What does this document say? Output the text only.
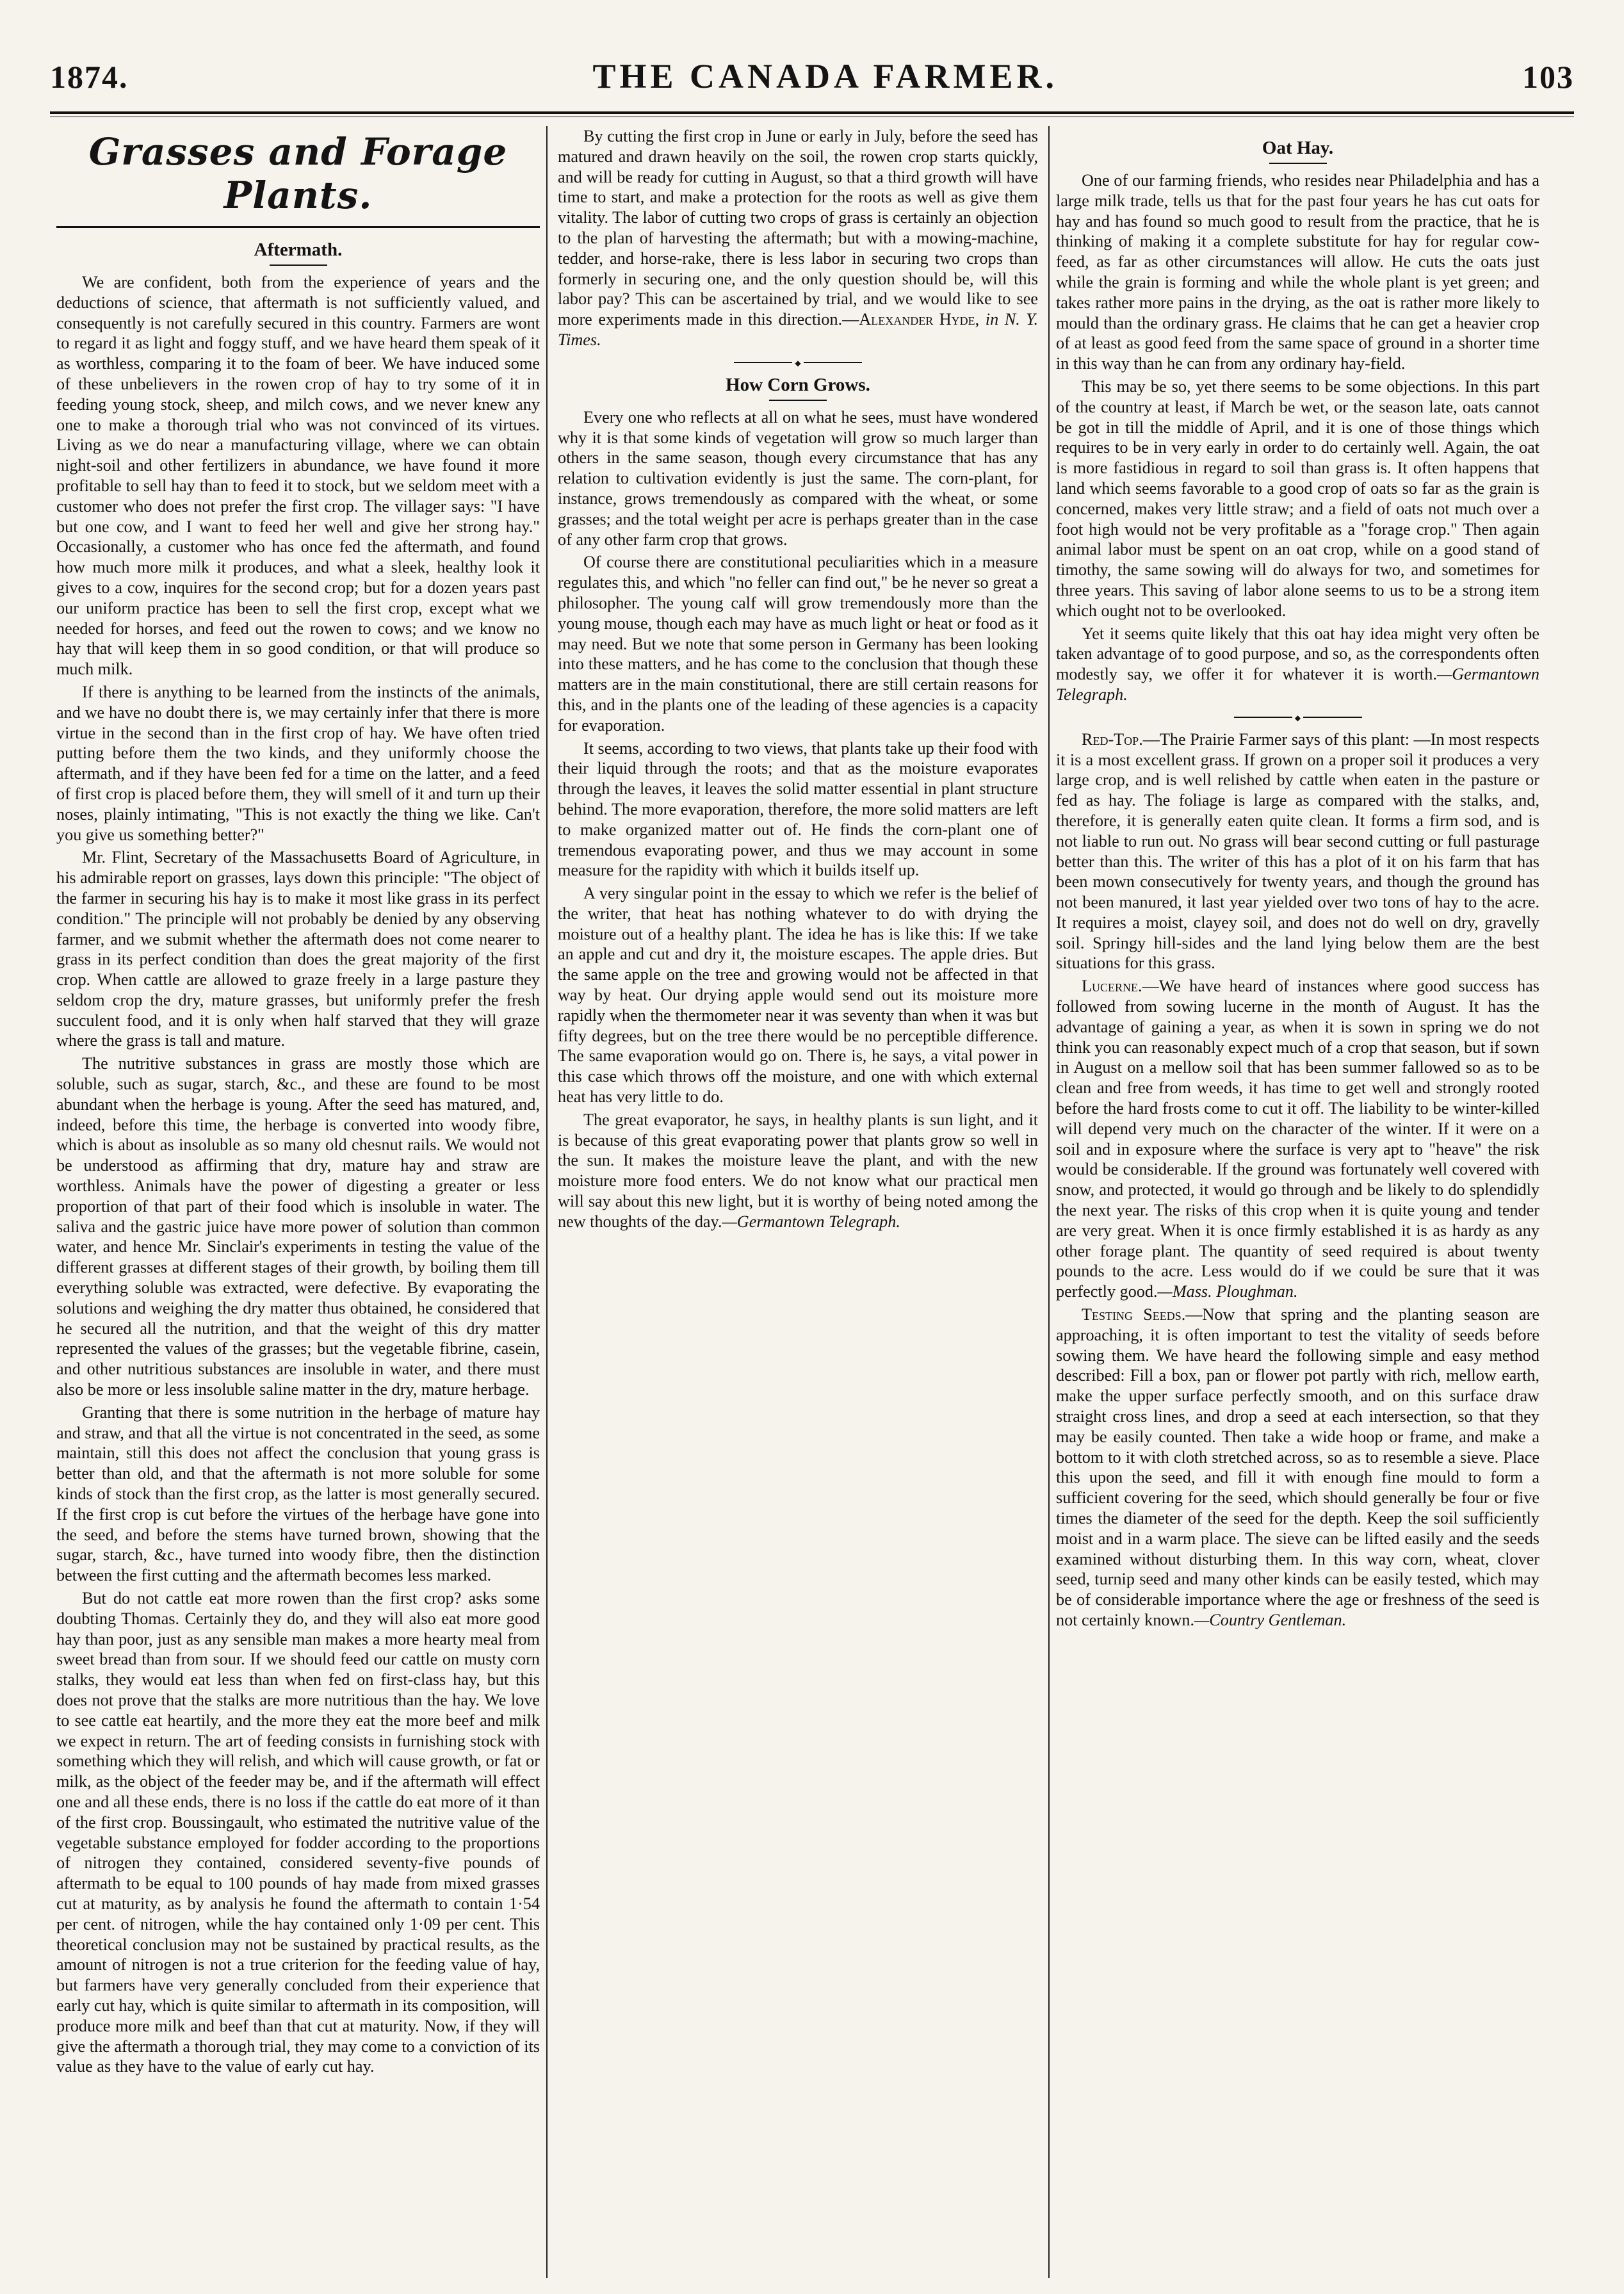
1874.	THE CANADA FARMER.	103
Grasses and Forage Plants.
Aftermath.

We are confident, both from the experience of years and the deductions of science, that aftermath is not sufficiently valued, and consequently is not carefully secured in this country. Farmers are wont to regard it as light and foggy stuff, and we have heard them speak of it as worthless, comparing it to the foam of beer. We have induced some of these unbelievers in the rowen crop of hay to try some of it in feeding young stock, sheep, and milch cows, and we never knew any one to make a thorough trial who was not convinced of its virtues. Living as we do near a manufacturing village, where we can obtain night-soil and other fertilizers in abundance, we have found it more profitable to sell hay than to feed it to stock, but we seldom meet with a customer who does not prefer the first crop. The villager says: "I have but one cow, and I want to feed her well and give her strong hay." Occasionally, a customer who has once fed the aftermath, and found how much more milk it produces, and what a sleek, healthy look it gives to a cow, inquires for the second crop; but for a dozen years past our uniform practice has been to sell the first crop, except what we needed for horses, and feed out the rowen to cows; and we know no hay that will keep them in so good condition, or that will produce so much milk.

If there is anything to be learned from the instincts of the animals, and we have no doubt there is, we may certainly infer that there is more virtue in the second than in the first crop of hay. We have often tried putting before them the two kinds, and they uniformly choose the aftermath, and if they have been fed for a time on the latter, and a feed of first crop is placed before them, they will smell of it and turn up their noses, plainly intimating, "This is not exactly the thing we like. Can't you give us something better?"

Mr. Flint, Secretary of the Massachusetts Board of Agriculture, in his admirable report on grasses, lays down this principle: "The object of the farmer in securing his hay is to make it most like grass in its perfect condition." The principle will not probably be denied by any observing farmer, and we submit whether the aftermath does not come nearer to grass in its perfect condition than does the great majority of the first crop. When cattle are allowed to graze freely in a large pasture they seldom crop the dry, mature grasses, but uniformly prefer the fresh succulent food, and it is only when half starved that they will graze where the grass is tall and mature.

The nutritive substances in grass are mostly those which are soluble, such as sugar, starch, &c., and these are found to be most abundant when the herbage is young. After the seed has matured, and, indeed, before this time, the herbage is converted into woody fibre, which is about as insoluble as so many old chesnut rails. We would not be understood as affirming that dry, mature hay and straw are worthless. Animals have the power of digesting a greater or less proportion of that part of their food which is insoluble in water. The saliva and the gastric juice have more power of solution than common water, and hence Mr. Sinclair's experiments in testing the value of the different grasses at different stages of their growth, by boiling them till everything soluble was extracted, were defective. By evaporating the solutions and weighing the dry matter thus obtained, he considered that he secured all the nutrition, and that the weight of this dry matter represented the values of the grasses; but the vegetable fibrine, casein, and other nutritious substances are insoluble in water, and there must also be more or less insoluble saline matter in the dry, mature herbage.

Granting that there is some nutrition in the herbage of mature hay and straw, and that all the virtue is not concentrated in the seed, as some maintain, still this does not affect the conclusion that young grass is better than old, and that the aftermath is not more soluble for some kinds of stock than the first crop, as the latter is most generally secured. If the first crop is cut before the virtues of the herbage have gone into the seed, and before the stems have turned brown, showing that the sugar, starch, &c., have turned into woody fibre, then the distinction between the first cutting and the aftermath becomes less marked.

But do not cattle eat more rowen than the first crop? asks some doubting Thomas. Certainly they do, and they will also eat more good hay than poor, just as any sensible man makes a more hearty meal from sweet bread than from sour. If we should feed our cattle on musty corn stalks, they would eat less than when fed on first-class hay, but this does not prove that the stalks are more nutritious than the hay. We love to see cattle eat heartily, and the more they eat the more beef and milk we expect in return. The art of feeding consists in furnishing stock with something which they will relish, and which will cause growth, or fat or milk, as the object of the feeder may be, and if the aftermath will effect one and all these ends, there is no loss if the cattle do eat more of it than of the first crop. Boussingault, who estimated the nutritive value of the vegetable substance employed for fodder according to the proportions of nitrogen they contained, considered seventy-five pounds of aftermath to be equal to 100 pounds of hay made from mixed grasses cut at maturity, as by analysis he found the aftermath to contain 1·54 per cent. of nitrogen, while the hay contained only 1·09 per cent. This theoretical conclusion may not be sustained by practical results, as the amount of nitrogen is not a true criterion for the feeding value of hay, but farmers have very generally concluded from their experience that early cut hay, which is quite similar to aftermath in its composition, will produce more milk and beef than that cut at maturity. Now, if they will give the aftermath a thorough trial, they may come to a conviction of its value as they have to the value of early cut hay.

By cutting the first crop in June or early in July, before the seed has matured and drawn heavily on the soil, the rowen crop starts quickly, and will be ready for cutting in August, so that a third growth will have time to start, and make a protection for the roots as well as give them vitality. The labor of cutting two crops of grass is certainly an objection to the plan of harvesting the aftermath; but with a mowing-machine, tedder, and horse-rake, there is less labor in securing two crops than formerly in securing one, and the only question should be, will this labor pay? This can be ascertained by trial, and we would like to see more experiments made in this direction.—Alexander Hyde, in N. Y. Times.

◆
How Corn Grows.

Every one who reflects at all on what he sees, must have wondered why it is that some kinds of vegetation will grow so much larger than others in the same season, though every circumstance that has any relation to cultivation evidently is just the same. The corn-plant, for instance, grows tremendously as compared with the wheat, or some grasses; and the total weight per acre is perhaps greater than in the case of any other farm crop that grows.

Of course there are constitutional peculiarities which in a measure regulates this, and which "no feller can find out," be he never so great a philosopher. The young calf will grow tremendously more than the young mouse, though each may have as much light or heat or food as it may need. But we note that some person in Germany has been looking into these matters, and he has come to the conclusion that though these matters are in the main constitutional, there are still certain reasons for this, and in the plants one of the leading of these agencies is a capacity for evaporation.

It seems, according to two views, that plants take up their food with their liquid through the roots; and that as the moisture evaporates through the leaves, it leaves the solid matter essential in plant structure behind. The more evaporation, therefore, the more solid matters are left to make organized matter out of. He finds the corn-plant one of tremendous evaporating power, and thus we may account in some measure for the rapidity with which it builds itself up.

A very singular point in the essay to which we refer is the belief of the writer, that heat has nothing whatever to do with drying the moisture out of a healthy plant. The idea he has is like this: If we take an apple and cut and dry it, the moisture escapes. The apple dries. But the same apple on the tree and growing would not be affected in that way by heat. Our drying apple would send out its moisture more rapidly when the thermometer near it was seventy than when it was but fifty degrees, but on the tree there would be no perceptible difference. The same evaporation would go on. There is, he says, a vital power in this case which throws off the moisture, and one with which external heat has very little to do.

The great evaporator, he says, in healthy plants is sun light, and it is because of this great evaporating power that plants grow so well in the sun. It makes the moisture leave the plant, and with the new moisture more food enters. We do not know what our practical men will say about this new light, but it is worthy of being noted among the new thoughts of the day.—Germantown Telegraph.

Oat Hay.

One of our farming friends, who resides near Philadelphia and has a large milk trade, tells us that for the past four years he has cut oats for hay and has found so much good to result from the practice, that he is thinking of making it a complete substitute for hay for regular cow-feed, as far as other circumstances will allow. He cuts the oats just while the grain is forming and while the whole plant is yet green; and takes rather more pains in the drying, as the oat is rather more likely to mould than the ordinary grass. He claims that he can get a heavier crop of at least as good feed from the same space of ground in a shorter time in this way than he can from any ordinary hay-field.

This may be so, yet there seems to be some objections. In this part of the country at least, if March be wet, or the season late, oats cannot be got in till the middle of April, and it is one of those things which requires to be in very early in order to do certainly well. Again, the oat is more fastidious in regard to soil than grass is. It often happens that land which seems favorable to a good crop of oats so far as the grain is concerned, makes very little straw; and a field of oats not much over a foot high would not be very profitable as a "forage crop." Then again animal labor must be spent on an oat crop, while on a good stand of timothy, the same sowing will do always for two, and sometimes for three years. This saving of labor alone seems to us to be a strong item which ought not to be overlooked.

Yet it seems quite likely that this oat hay idea might very often be taken advantage of to good purpose, and so, as the correspondents often modestly say, we offer it for whatever it is worth.—Germantown Telegraph.

◆

Red-Top.—The Prairie Farmer says of this plant: —In most respects it is a most excellent grass. If grown on a proper soil it produces a very large crop, and is well relished by cattle when eaten in the pasture or fed as hay. The foliage is large as compared with the stalks, and, therefore, it is generally eaten quite clean. It forms a firm sod, and is not liable to run out. No grass will bear second cutting or full pasturage better than this. The writer of this has a plot of it on his farm that has been mown consecutively for twenty years, and though the ground has not been manured, it last year yielded over two tons of hay to the acre. It requires a moist, clayey soil, and does not do well on dry, gravelly soil. Springy hill-sides and the land lying below them are the best situations for this grass.

Lucerne.—We have heard of instances where good success has followed from sowing lucerne in the month of August. It has the advantage of gaining a year, as when it is sown in spring we do not think you can reasonably expect much of a crop that season, but if sown in August on a mellow soil that has been summer fallowed so as to be clean and free from weeds, it has time to get well and strongly rooted before the hard frosts come to cut it off. The liability to be winter-killed will depend very much on the character of the winter. If it were on a soil and in exposure where the surface is very apt to "heave" the risk would be considerable. If the ground was fortunately well covered with snow, and protected, it would go through and be likely to do splendidly the next year. The risks of this crop when it is quite young and tender are very great. When it is once firmly established it is as hardy as any other forage plant. The quantity of seed required is about twenty pounds to the acre. Less would do if we could be sure that it was perfectly good.—Mass. Ploughman.

Testing Seeds.—Now that spring and the planting season are approaching, it is often important to test the vitality of seeds before sowing them. We have heard the following simple and easy method described: Fill a box, pan or flower pot partly with rich, mellow earth, make the upper surface perfectly smooth, and on this surface draw straight cross lines, and drop a seed at each intersection, so that they may be easily counted. Then take a wide hoop or frame, and make a bottom to it with cloth stretched across, so as to resemble a sieve. Place this upon the seed, and fill it with enough fine mould to form a sufficient covering for the seed, which should generally be four or five times the diameter of the seed for the depth. Keep the soil sufficiently moist and in a warm place. The sieve can be lifted easily and the seeds examined without disturbing them. In this way corn, wheat, clover seed, turnip seed and many other kinds can be easily tested, which may be of considerable importance where the age or freshness of the seed is not certainly known.—Country Gentleman.
